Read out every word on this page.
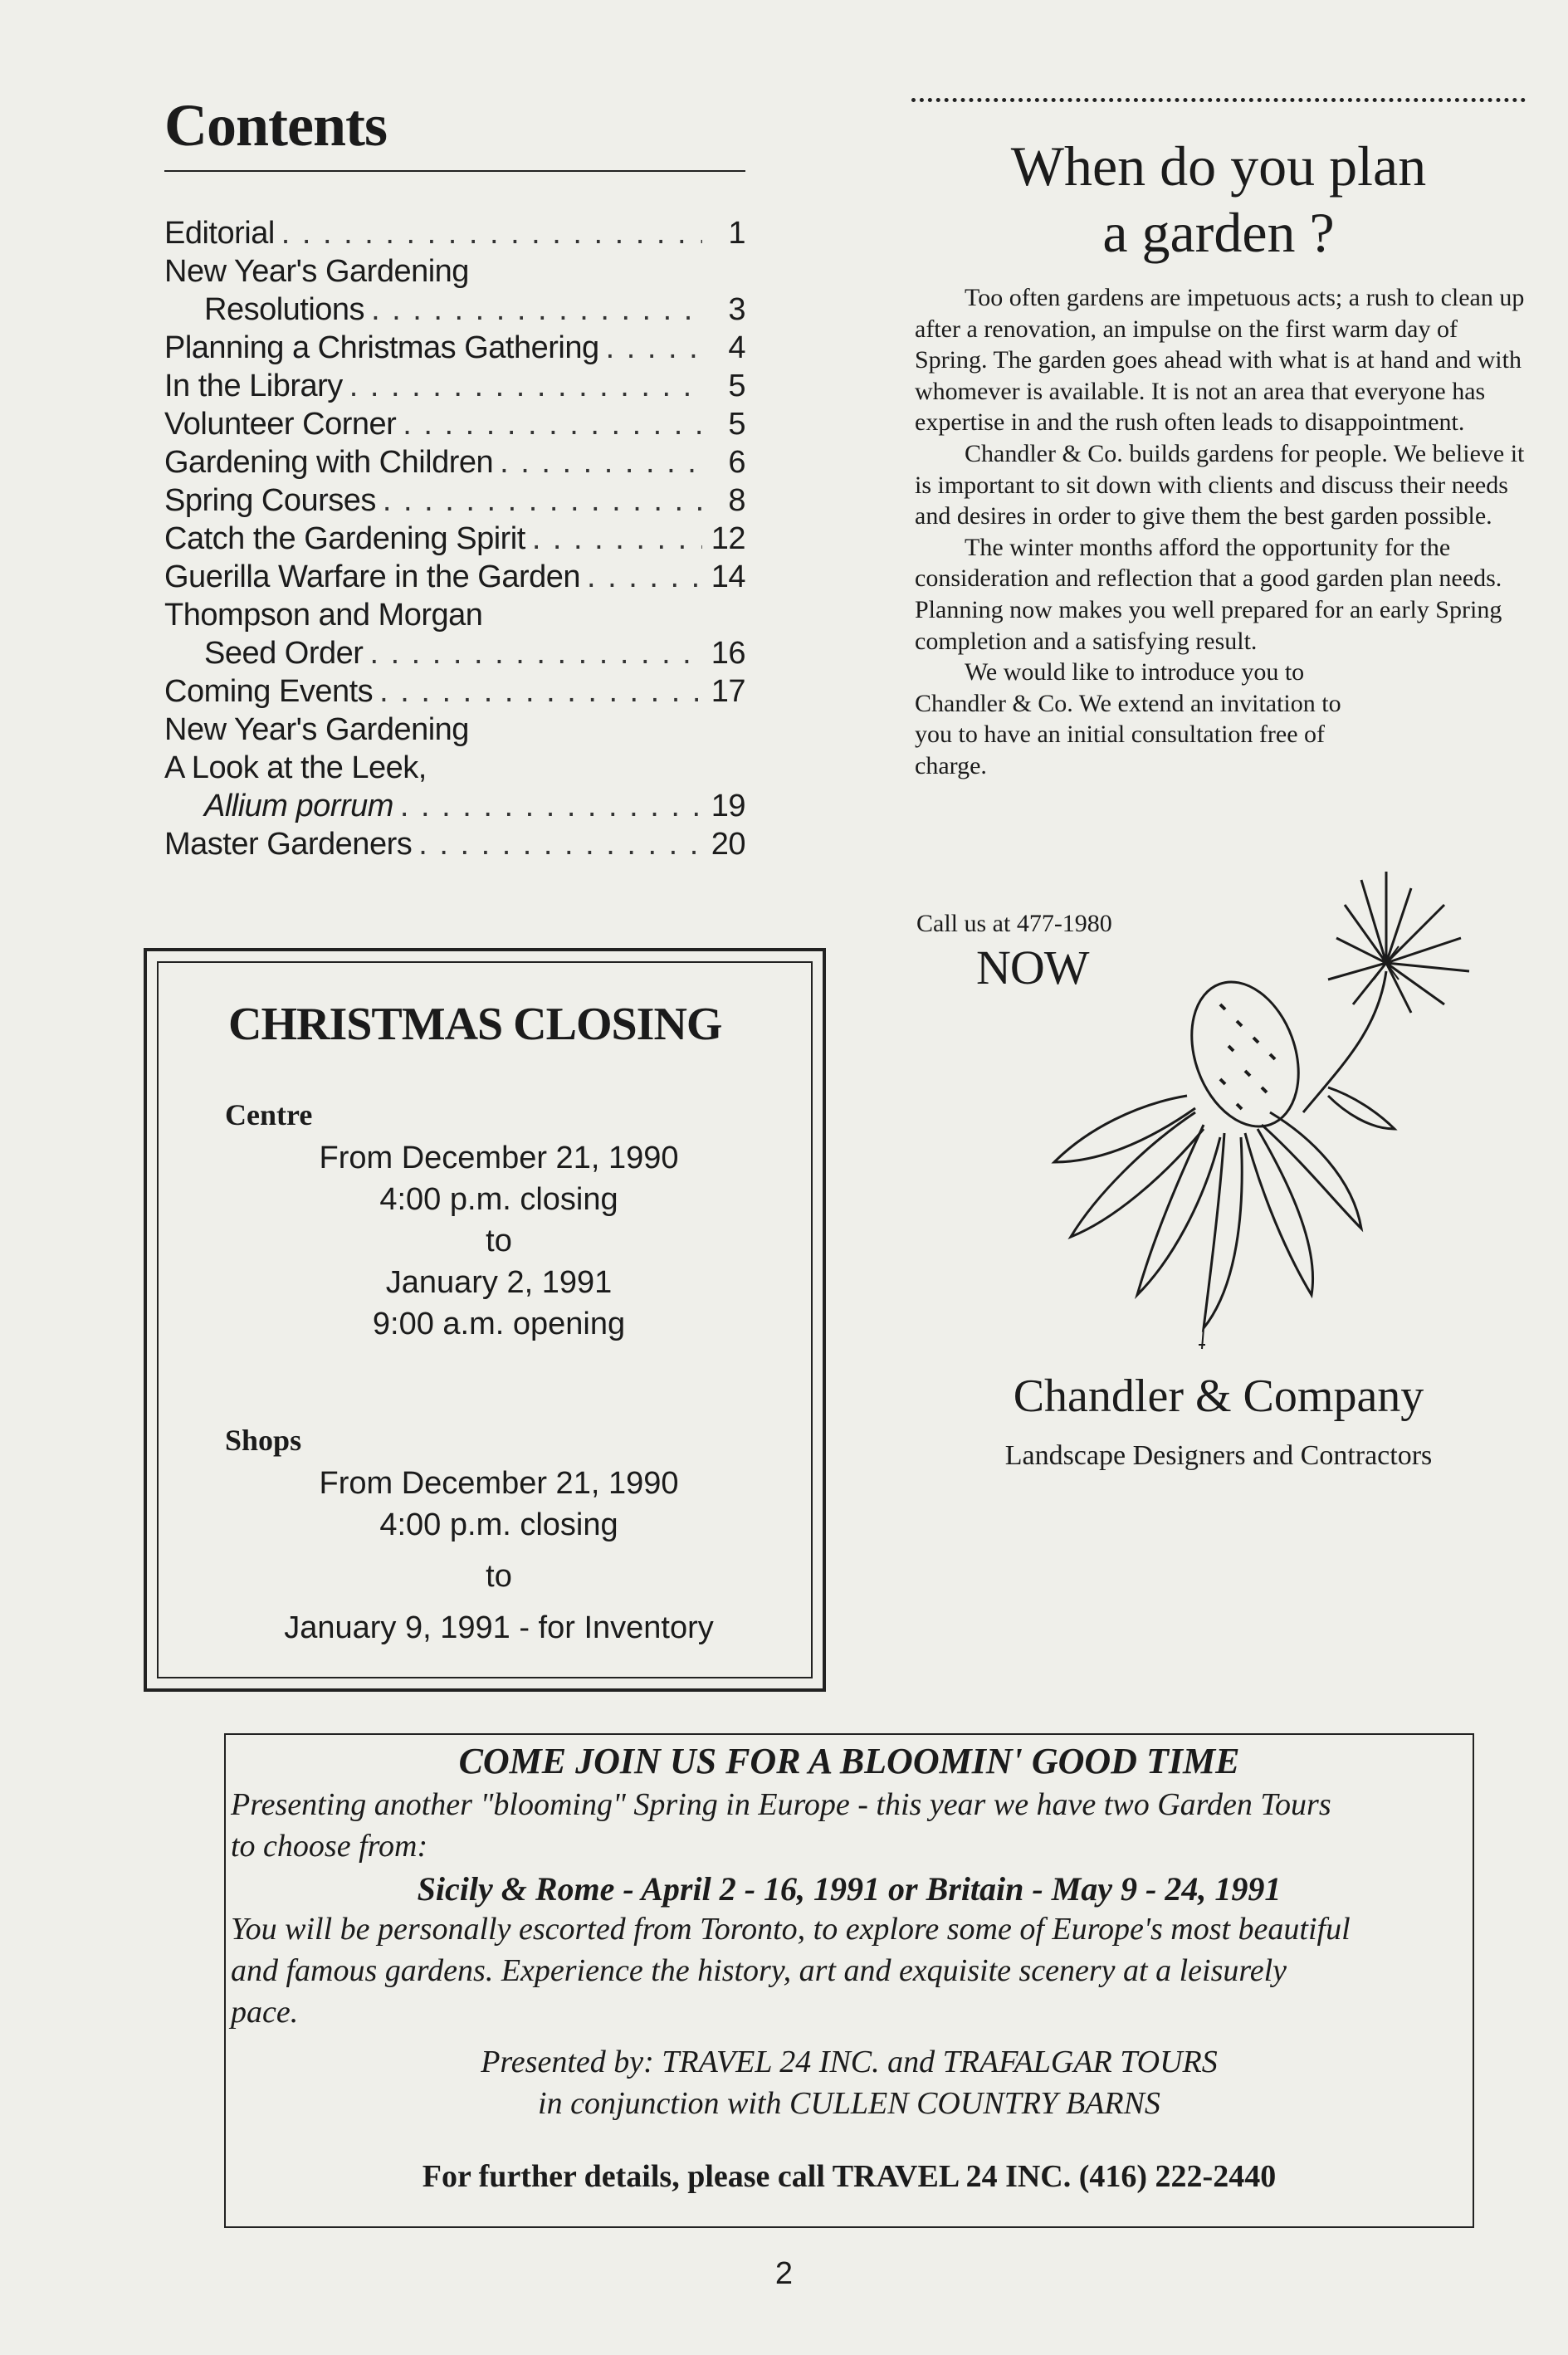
Contents
Editorial . . .	1
New Year's Gardening
Resolutions . . .	3
Planning a Christmas Gathering . . .	4
In the Library . . .	5
Volunteer Corner . . .	5
Gardening with Children . . .	6
Spring Courses . . .	8
Catch the Gardening Spirit . . .	12
Guerilla Warfare in the Garden . . .	14
Thompson and Morgan
Seed Order . . .	16
Coming Events . . .	17
New Year's Gardening
A Look at the Leek,
Allium porrum . . .	19
Master Gardeners . . .	20
CHRISTMAS CLOSING
Centre
From December 21, 1990
4:00 p.m. closing
to
January 2, 1991
9:00 a.m. opening
Shops
From December 21, 1990
4:00 p.m. closing
to
January 9, 1991 - for Inventory
When do you plan
a garden ?

Too often gardens are impetuous acts; a rush to clean up after a renovation, an impulse on the first warm day of Spring. The garden goes ahead with what is at hand and with whomever is available. It is not an area that everyone has expertise in and the rush often leads to disappointment.

Chandler & Co. builds gardens for people. We believe it is important to sit down with clients and discuss their needs and desires in order to give them the best garden possible.

The winter months afford the opportunity for the consideration and reflection that a good garden plan needs. Planning now makes you well prepared for an early Spring completion and a satisfying result.

We would like to introduce you to Chandler & Co. We extend an invitation to you to have an initial consultation free of charge.

Call us at 477-1980
NOW
Chandler & Company
Landscape Designers and Contractors
COME JOIN US FOR A BLOOMIN' GOOD TIME
Presenting another "blooming" Spring in Europe - this year we have two Garden Tours
to choose from:
Sicily & Rome - April 2 - 16, 1991 or Britain - May 9 - 24, 1991
You will be personally escorted from Toronto, to explore some of Europe's most beautiful
and famous gardens. Experience the history, art and exquisite scenery at a leisurely
pace.
Presented by: TRAVEL 24 INC. and TRAFALGAR TOURS
in conjunction with CULLEN COUNTRY BARNS
For further details, please call TRAVEL 24 INC. (416) 222-2440
2
